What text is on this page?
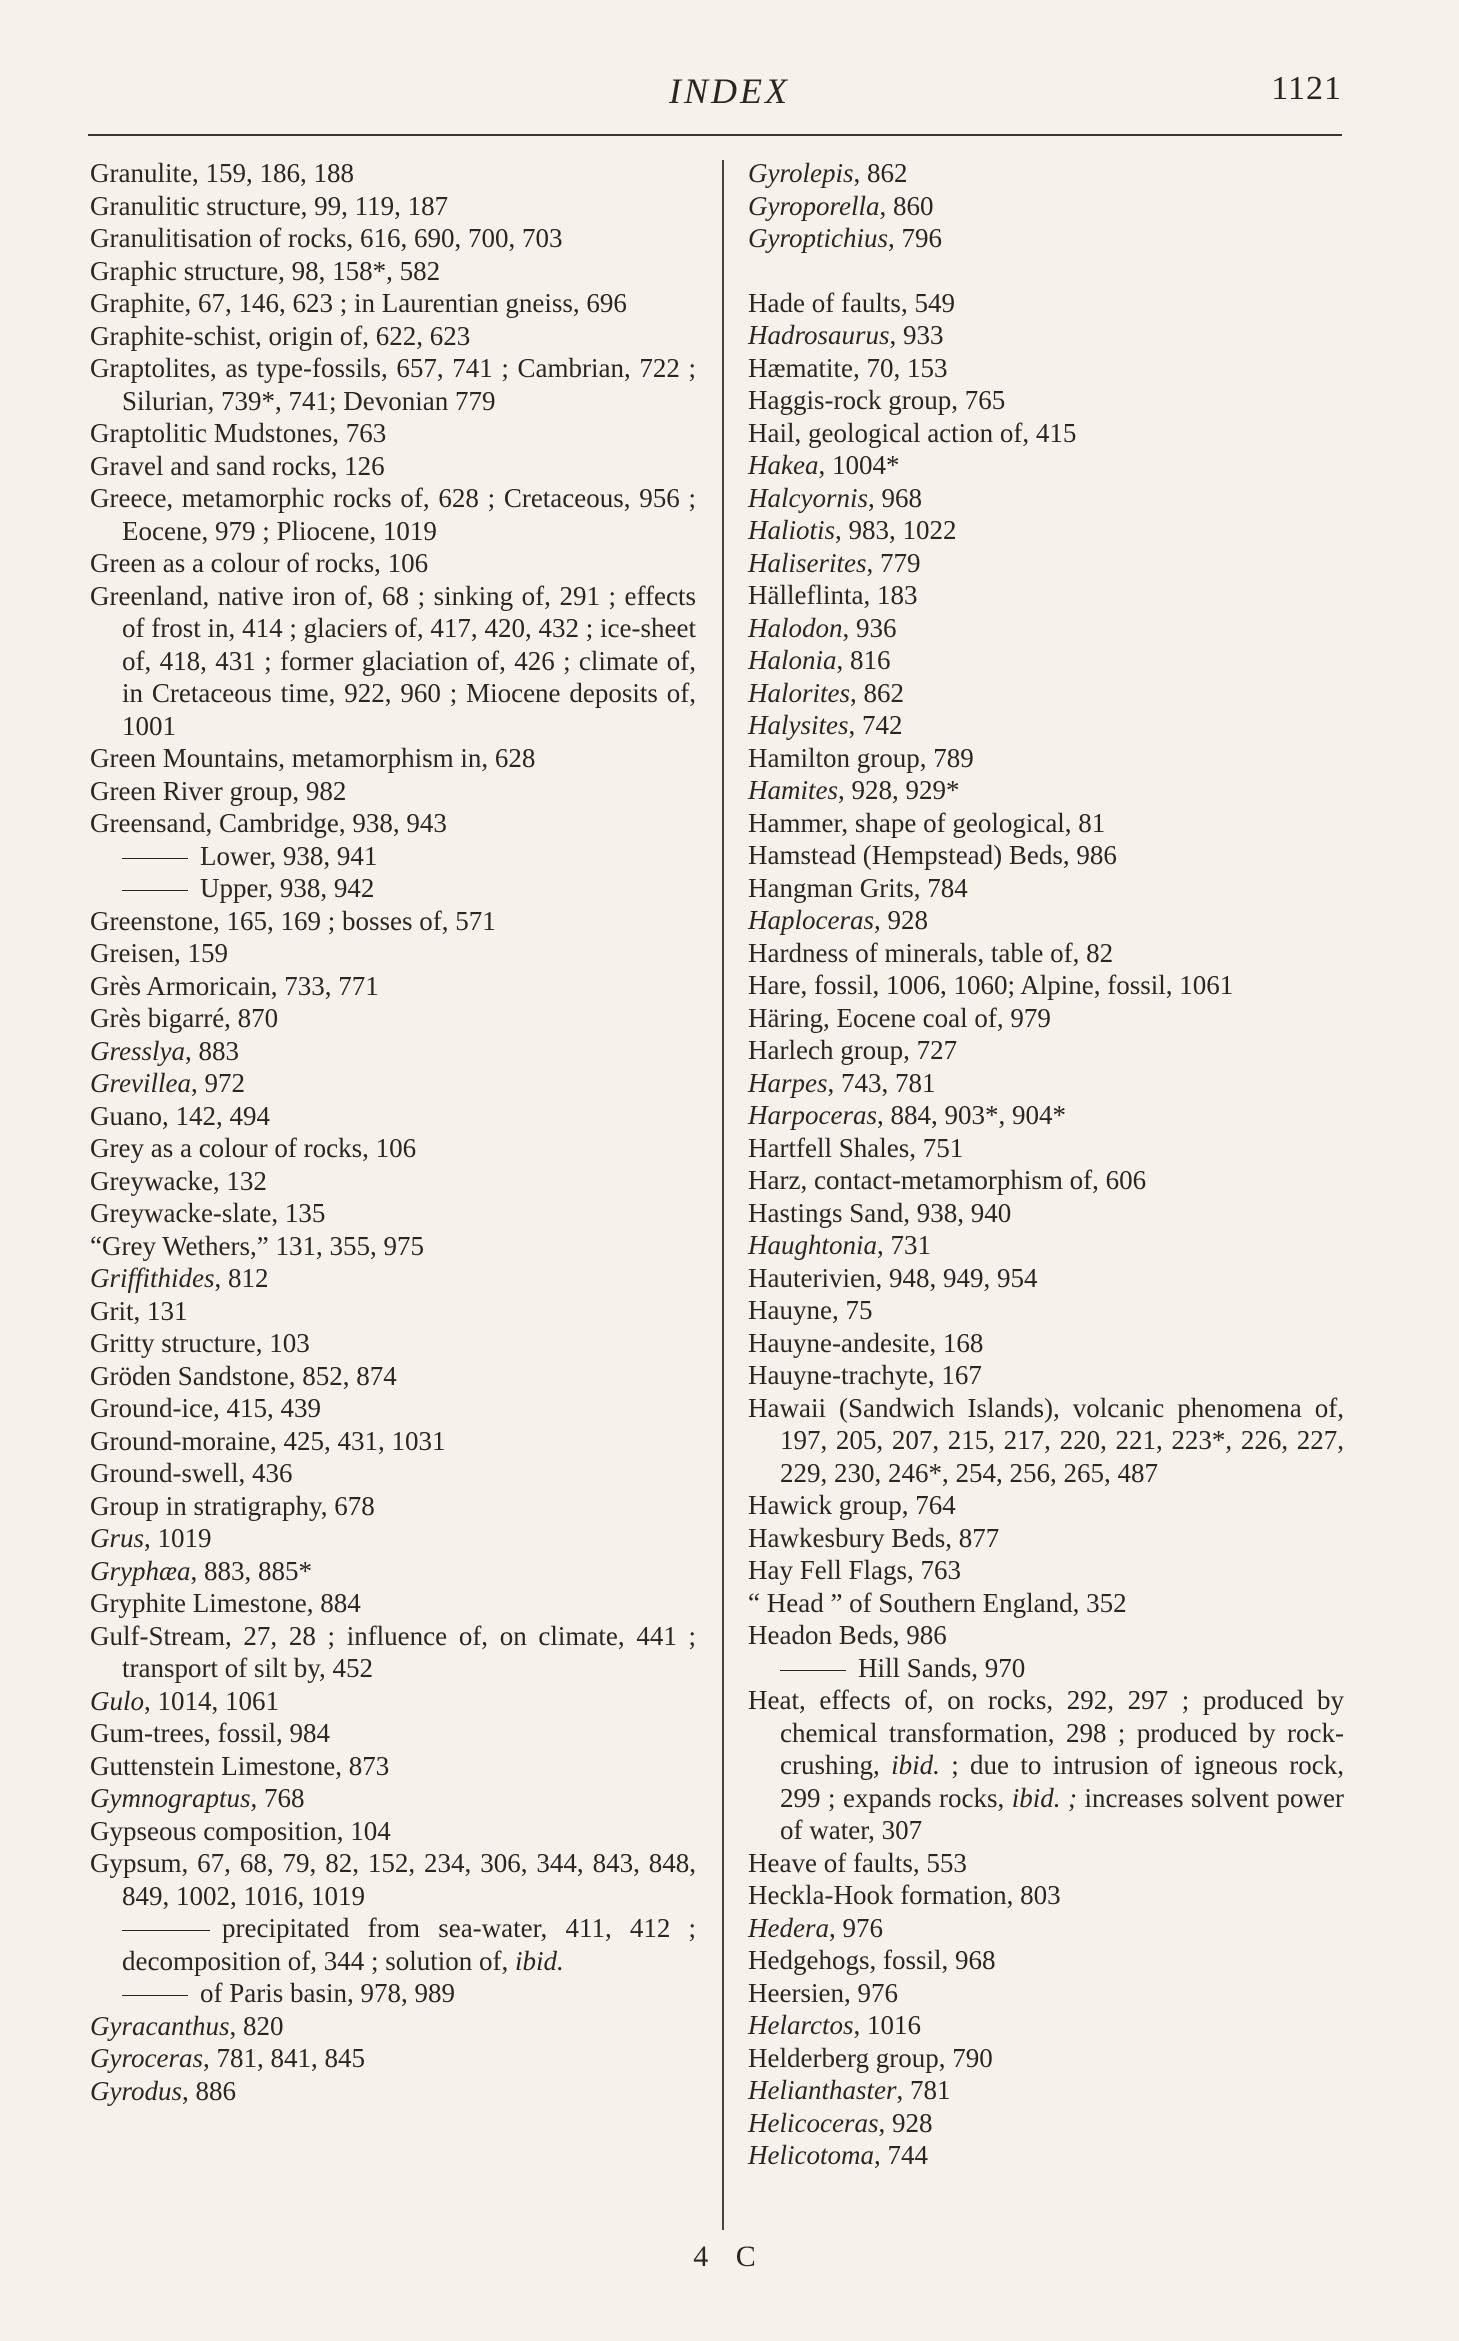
INDEX	1121
Granulite, 159, 186, 188
Granulitic structure, 99, 119, 187
Granulitisation of rocks, 616, 690, 700, 703
Graphic structure, 98, 158*, 582
Graphite, 67, 146, 623 ; in Laurentian gneiss, 696
Graphite-schist, origin of, 622, 623
Graptolites, as type-fossils, 657, 741 ; Cambrian, 722 ; Silurian, 739*, 741; Devonian 779
Graptolitic Mudstones, 763
Gravel and sand rocks, 126
Greece, metamorphic rocks of, 628 ; Cretaceous, 956 ; Eocene, 979 ; Pliocene, 1019
Green as a colour of rocks, 106
Greenland, native iron of, 68 ; sinking of, 291 ; effects of frost in, 414 ; glaciers of, 417, 420, 432 ; ice-sheet of, 418, 431 ; former glaciation of, 426 ; climate of, in Cretaceous time, 922, 960 ; Miocene deposits of, 1001
Green Mountains, metamorphism in, 628
Green River group, 982
Greensand, Cambridge, 938, 943
Lower, 938, 941
Upper, 938, 942
Greenstone, 165, 169 ; bosses of, 571
Greisen, 159
Grès Armoricain, 733, 771
Grès bigarré, 870
Gresslya, 883
Grevillea, 972
Guano, 142, 494
Grey as a colour of rocks, 106
Greywacke, 132
Greywacke-slate, 135
“Grey Wethers,” 131, 355, 975
Griffithides, 812
Grit, 131
Gritty structure, 103
Gröden Sandstone, 852, 874
Ground-ice, 415, 439
Ground-moraine, 425, 431, 1031
Ground-swell, 436
Group in stratigraphy, 678
Grus, 1019
Gryphæa, 883, 885*
Gryphite Limestone, 884
Gulf-Stream, 27, 28 ; influence of, on climate, 441 ; transport of silt by, 452
Gulo, 1014, 1061
Gum-trees, fossil, 984
Guttenstein Limestone, 873
Gymnograptus, 768
Gypseous composition, 104
Gypsum, 67, 68, 79, 82, 152, 234, 306, 344, 843, 848, 849, 1002, 1016, 1019
precipitated from sea-water, 411, 412 ; decomposition of, 344 ; solution of, ibid.
of Paris basin, 978, 989
Gyracanthus, 820
Gyroceras, 781, 841, 845
Gyrodus, 886
Gyrolepis, 862
Gyroporella, 860
Gyroptichius, 796
Hade of faults, 549
Hadrosaurus, 933
Hæmatite, 70, 153
Haggis-rock group, 765
Hail, geological action of, 415
Hakea, 1004*
Halcyornis, 968
Haliotis, 983, 1022
Haliserites, 779
Hälleflinta, 183
Halodon, 936
Halonia, 816
Halorites, 862
Halysites, 742
Hamilton group, 789
Hamites, 928, 929*
Hammer, shape of geological, 81
Hamstead (Hempstead) Beds, 986
Hangman Grits, 784
Haploceras, 928
Hardness of minerals, table of, 82
Hare, fossil, 1006, 1060; Alpine, fossil, 1061
Häring, Eocene coal of, 979
Harlech group, 727
Harpes, 743, 781
Harpoceras, 884, 903*, 904*
Hartfell Shales, 751
Harz, contact-metamorphism of, 606
Hastings Sand, 938, 940
Haughtonia, 731
Hauterivien, 948, 949, 954
Hauyne, 75
Hauyne-andesite, 168
Hauyne-trachyte, 167
Hawaii (Sandwich Islands), volcanic phenomena of, 197, 205, 207, 215, 217, 220, 221, 223*, 226, 227, 229, 230, 246*, 254, 256, 265, 487
Hawick group, 764
Hawkesbury Beds, 877
Hay Fell Flags, 763
“ Head ” of Southern England, 352
Headon Beds, 986
Hill Sands, 970
Heat, effects of, on rocks, 292, 297 ; produced by chemical transformation, 298 ; produced by rock-crushing, ibid. ; due to intrusion of igneous rock, 299 ; expands rocks, ibid. ; increases solvent power of water, 307
Heave of faults, 553
Heckla-Hook formation, 803
Hedera, 976
Hedgehogs, fossil, 968
Heersien, 976
Helarctos, 1016
Helderberg group, 790
Helianthaster, 781
Helicoceras, 928
Helicotoma, 744
4 C
